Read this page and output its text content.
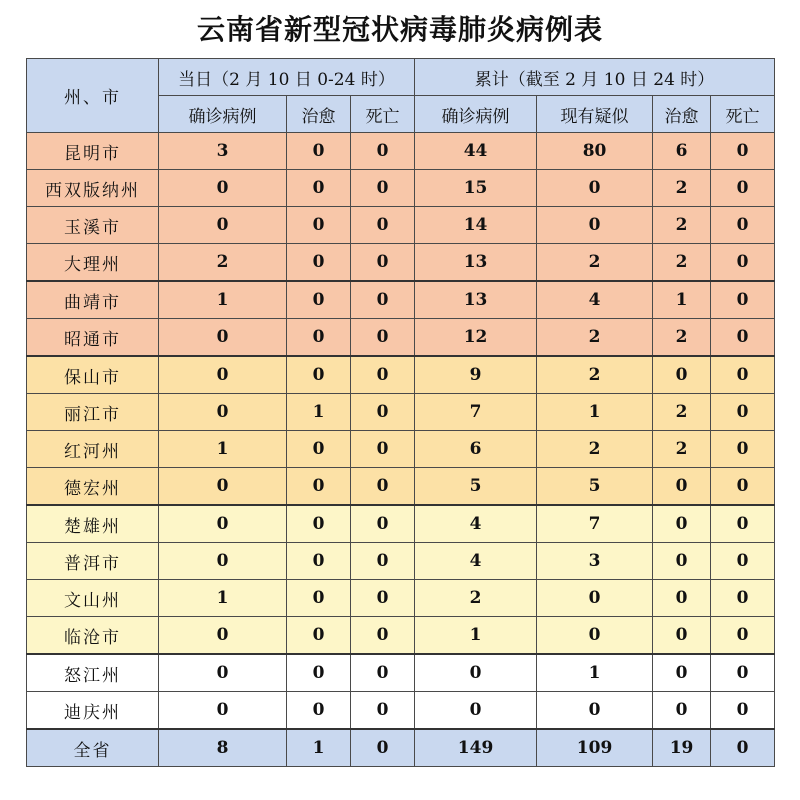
云南省新型冠状病毒肺炎病例表
州、市	当日（2 月 10 日 0-24 时）			累计（截至 2 月 10 日 24 时）			
	确诊病例	治愈	死亡	确诊病例	现有疑似	治愈	死亡
昆明市	3	0	0	44	80	6	0
西双版纳州	0	0	0	15	0	2	0
玉溪市	0	0	0	14	0	2	0
大理州	2	0	0	13	2	2	0
曲靖市	1	0	0	13	4	1	0
昭通市	0	0	0	12	2	2	0
保山市	0	0	0	9	2	0	0
丽江市	0	1	0	7	1	2	0
红河州	1	0	0	6	2	2	0
德宏州	0	0	0	5	5	0	0
楚雄州	0	0	0	4	7	0	0
普洱市	0	0	0	4	3	0	0
文山州	1	0	0	2	0	0	0
临沧市	0	0	0	1	0	0	0
怒江州	0	0	0	0	1	0	0
迪庆州	0	0	0	0	0	0	0
全省	8	1	0	149	109	19	0
